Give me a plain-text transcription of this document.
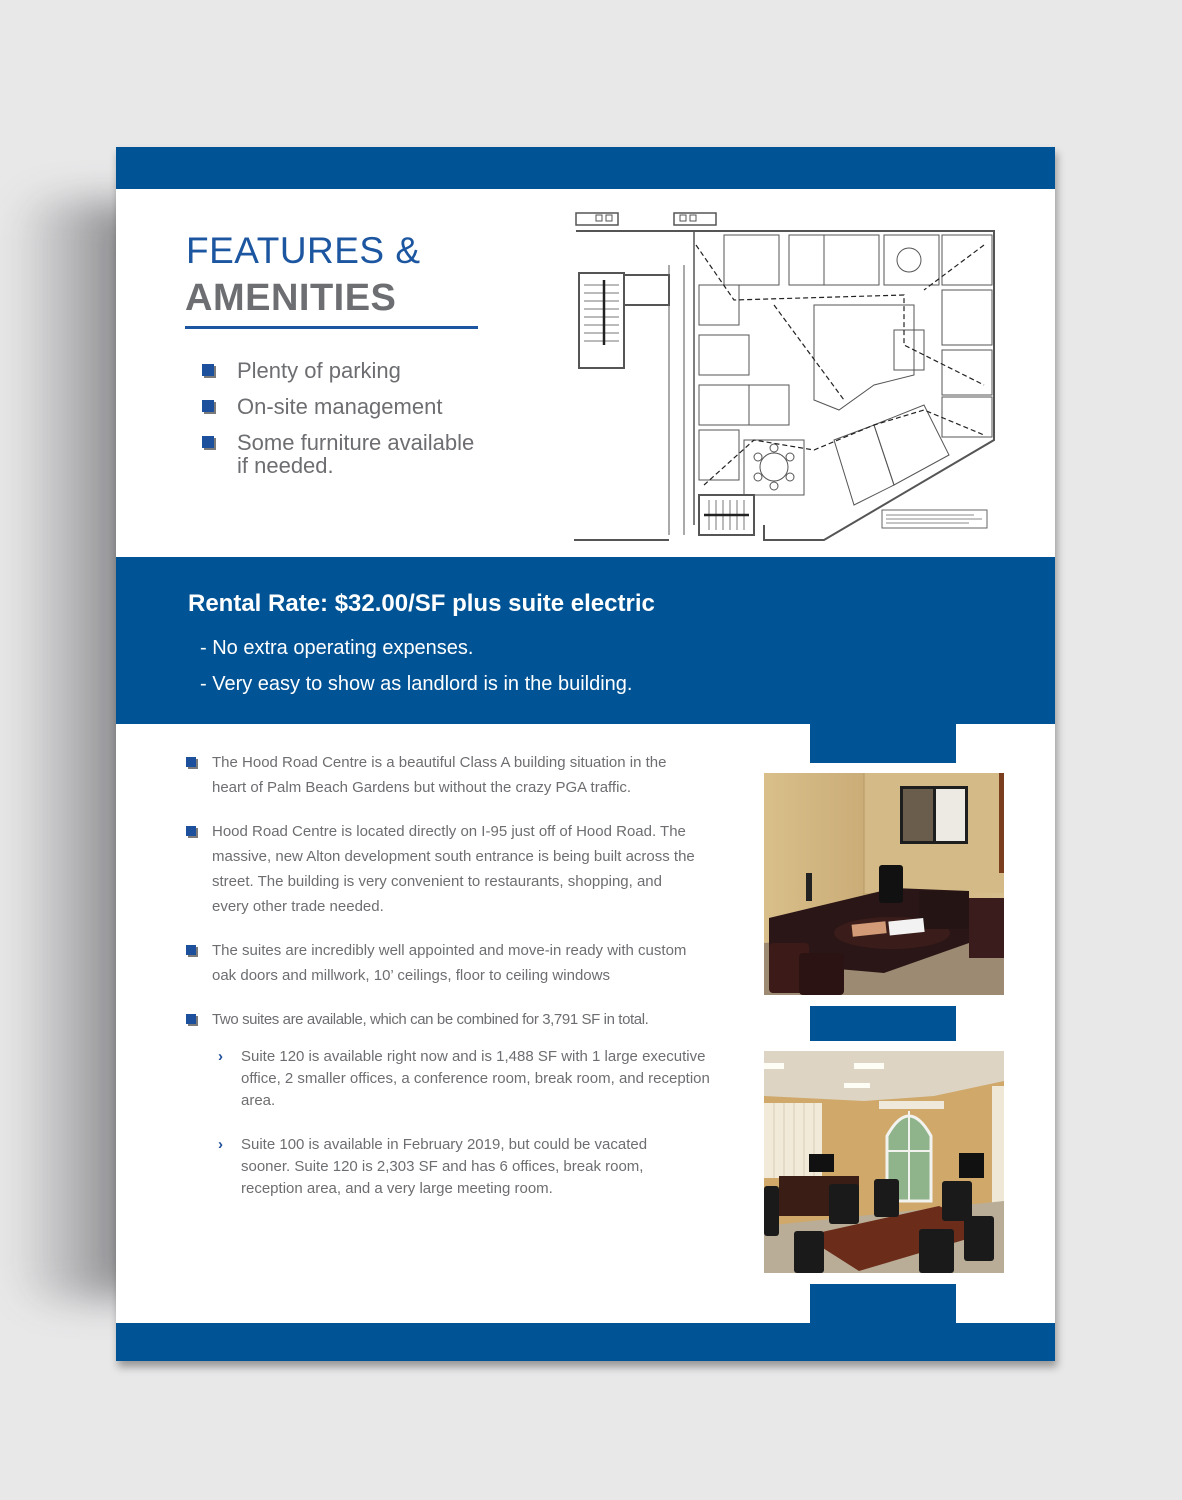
FEATURES &
AMENITIES
Plenty of parking
On-site management
Some furniture available if needed.
Rental Rate: $32.00/SF plus suite electric
- No extra operating expenses.
- Very easy to show as landlord is in the building.
The Hood Road Centre is a beautiful Class A building situation in the heart of Palm Beach Gardens but without the crazy PGA traffic.
Hood Road Centre is located directly on I-95 just off of Hood Road. The massive, new Alton development south entrance is being built across the street. The building is very convenient to restaurants, shopping, and every other trade needed.
The suites are incredibly well appointed and move-in ready with custom oak doors and millwork, 10’ ceilings, floor to ceiling windows
Two suites are available, which can be combined for 3,791 SF in total.
› Suite 120 is available right now and is 1,488 SF with 1 large executive office, 2 smaller offices, a conference room, break room, and reception area.
› Suite 100 is available in February 2019, but could be vacated sooner. Suite 120 is 2,303 SF and has 6 offices, break room, reception area, and a very large meeting room.
